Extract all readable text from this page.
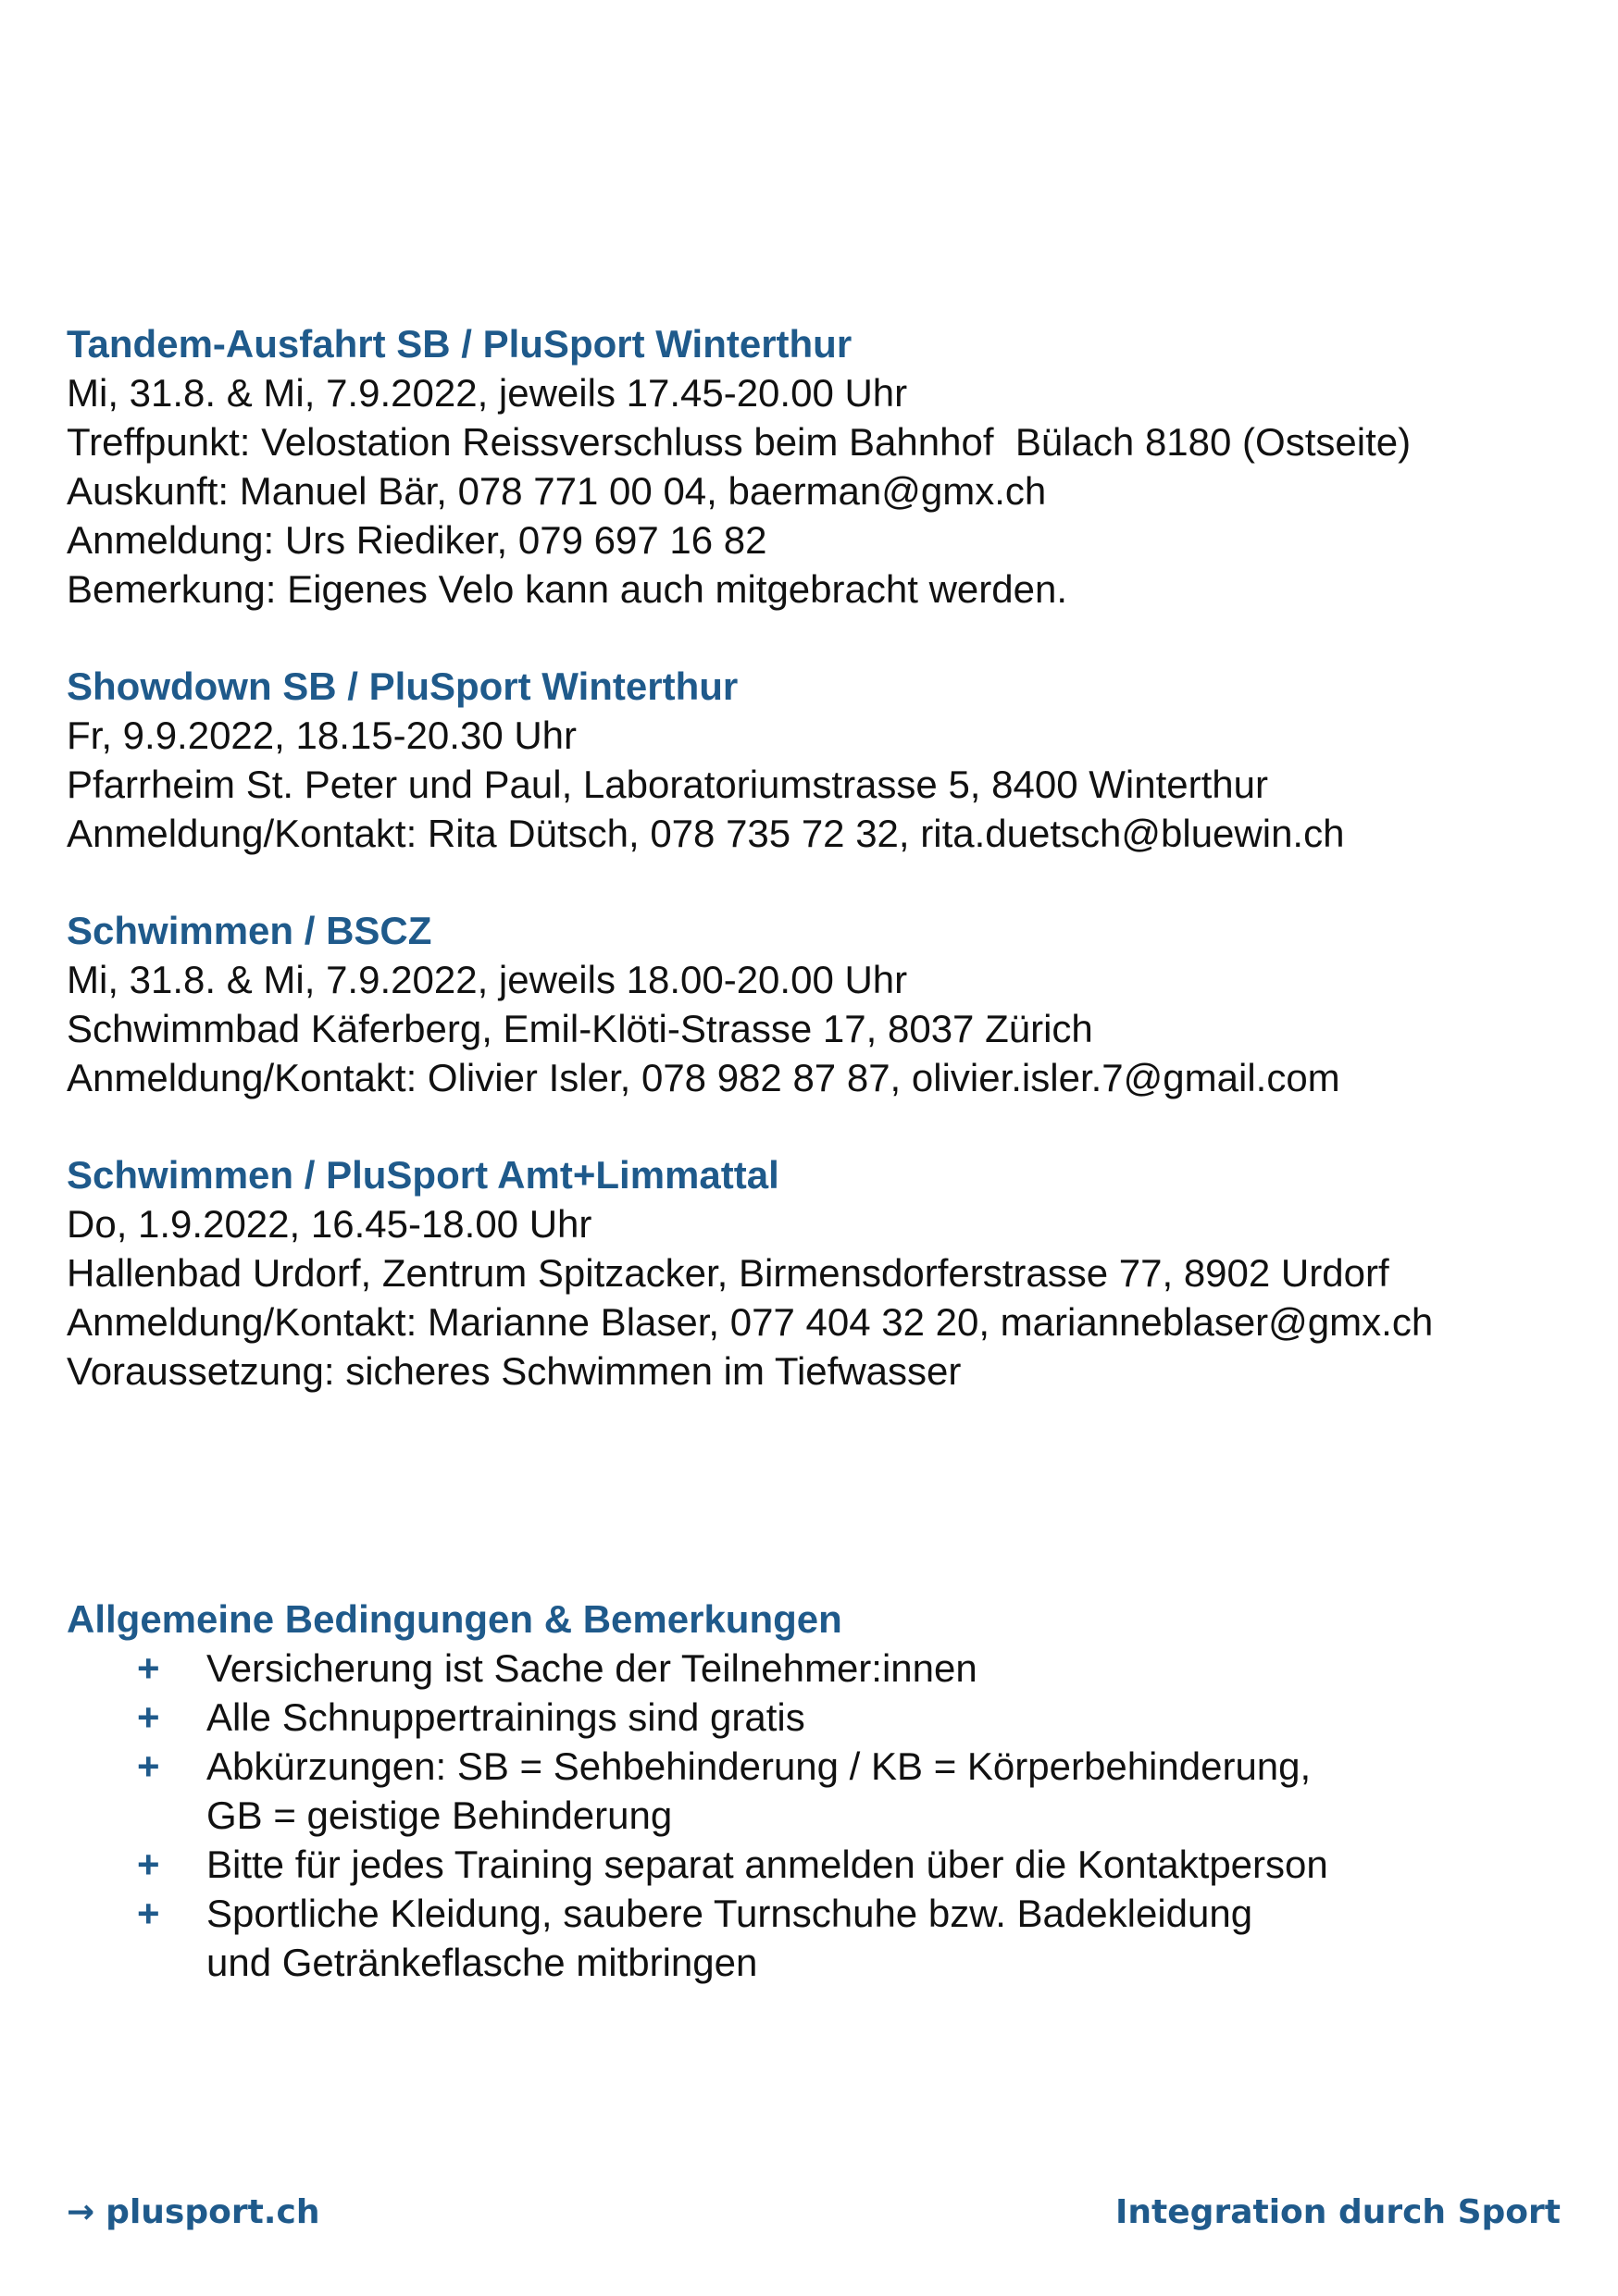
Tandem-Ausfahrt SB / PluSport Winterthur

Mi, 31.8. & Mi, 7.9.2022, jeweils 17.45-20.00 Uhr

Treffpunkt: Velostation Reissverschluss beim Bahnhof  Bülach 8180 (Ostseite)

Auskunft: Manuel Bär, 078 771 00 04, baerman@gmx.ch

Anmeldung: Urs Riediker, 079 697 16 82

Bemerkung: Eigenes Velo kann auch mitgebracht werden.

Showdown SB / PluSport Winterthur

Fr, 9.9.2022, 18.15-20.30 Uhr

Pfarrheim St. Peter und Paul, Laboratoriumstrasse 5, 8400 Winterthur

Anmeldung/Kontakt: Rita Dütsch, 078 735 72 32, rita.duetsch@bluewin.ch

Schwimmen / BSCZ

Mi, 31.8. & Mi, 7.9.2022, jeweils 18.00-20.00 Uhr

Schwimmbad Käferberg, Emil-Klöti-Strasse 17, 8037 Zürich

Anmeldung/Kontakt: Olivier Isler, 078 982 87 87, olivier.isler.7@gmail.com

Schwimmen / PluSport Amt+Limmattal

Do, 1.9.2022, 16.45-18.00 Uhr

Hallenbad Urdorf, Zentrum Spitzacker, Birmensdorferstrasse 77, 8902 Urdorf

Anmeldung/Kontakt: Marianne Blaser, 077 404 32 20, marianneblaser@gmx.ch

Voraussetzung: sicheres Schwimmen im Tiefwasser

Allgemeine Bedingungen & Bemerkungen
+ Versicherung ist Sache der Teilnehmer:innen
+ Alle Schnuppertrainings sind gratis
+ Abkürzungen: SB = Sehbehinderung / KB = Körperbehinderung,
GB = geistige Behinderung
+ Bitte für jedes Training separat anmelden über die Kontaktperson
+ Sportliche Kleidung, saubere Turnschuhe bzw. Badekleidung
und Getränkeflasche mitbringen
→ plusport.ch	Integration durch Sport
